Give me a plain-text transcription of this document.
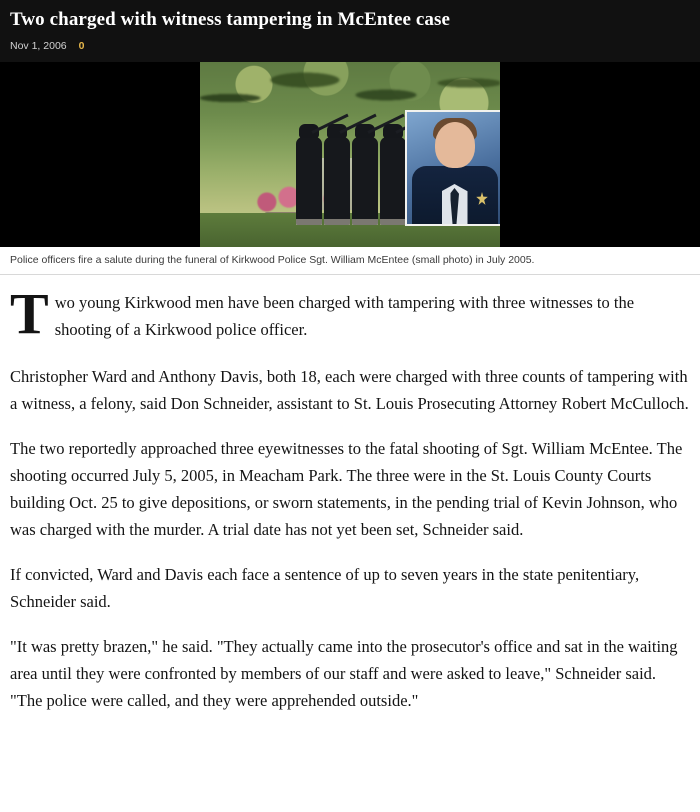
Two charged with witness tampering in McEntee case
Nov 1, 2006 0
Police officers fire a salute during the funeral of Kirkwood Police Sgt. William McEntee (small photo) in July 2005.

Two young Kirkwood men have been charged with tampering with three witnesses to the shooting of a Kirkwood police officer.

Christopher Ward and Anthony Davis, both 18, each were charged with three counts of tampering with a witness, a felony, said Don Schneider, assistant to St. Louis Prosecuting Attorney Robert McCulloch.

The two reportedly approached three eyewitnesses to the fatal shooting of Sgt. William McEntee. The shooting occurred July 5, 2005, in Meacham Park. The three were in the St. Louis County Courts building Oct. 25 to give depositions, or sworn statements, in the pending trial of Kevin Johnson, who was charged with the murder. A trial date has not yet been set, Schneider said.

If convicted, Ward and Davis each face a sentence of up to seven years in the state penitentiary, Schneider said.

"It was pretty brazen," he said. "They actually came into the prosecutor's office and sat in the waiting area until they were confronted by members of our staff and were asked to leave," Schneider said. "The police were called, and they were apprehended outside."
